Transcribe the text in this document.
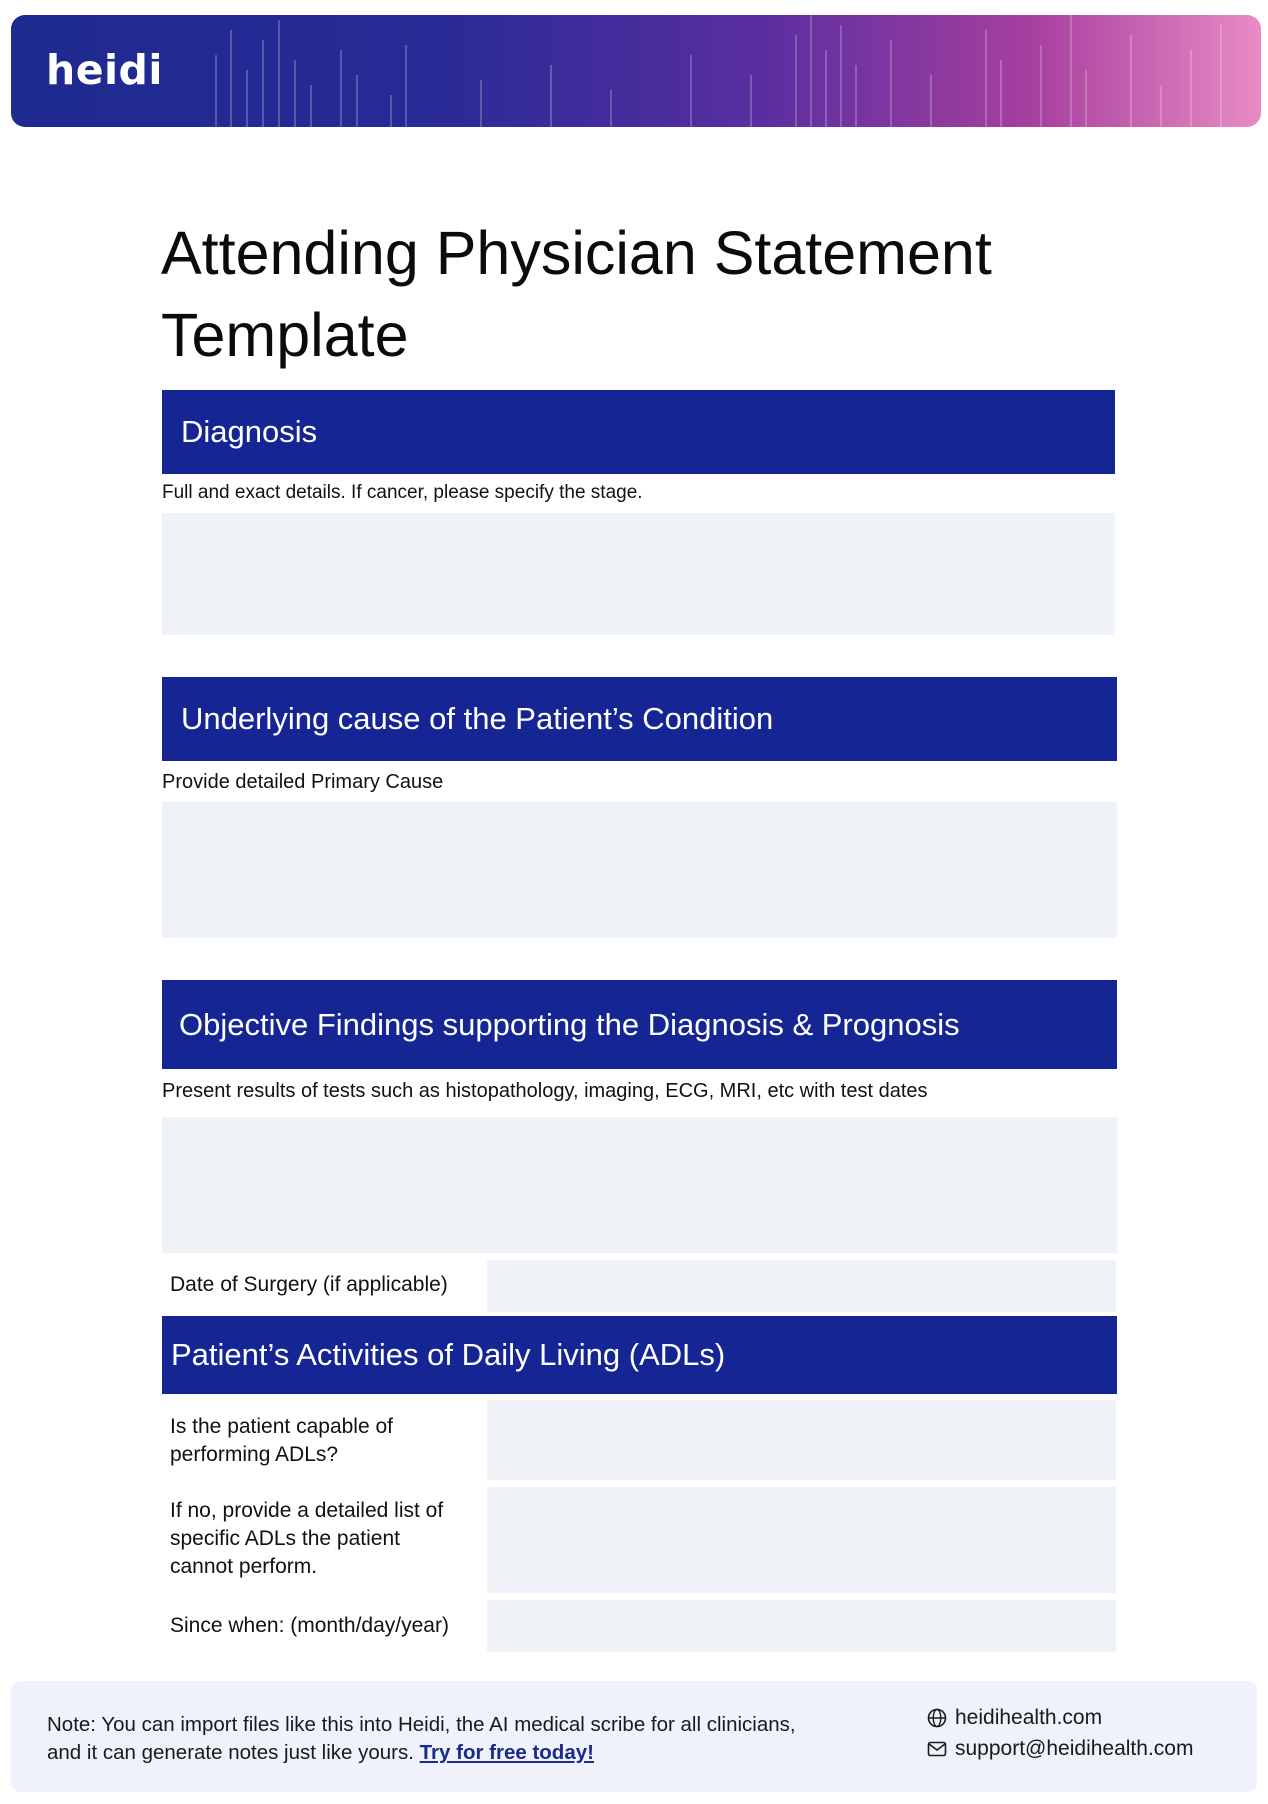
heidi
Attending Physician Statement Template
Diagnosis
Full and exact details. If cancer, please specify the stage.
Underlying cause of the Patient’s Condition
Provide detailed Primary Cause
Objective Findings supporting the Diagnosis & Prognosis
Present results of tests such as histopathology, imaging, ECG, MRI, etc with test dates
Date of Surgery (if applicable)
Patient’s Activities of Daily Living (ADLs)
Is the patient capable of performing ADLs?
If no, provide a detailed list of specific ADLs the patient cannot perform.
Since when: (month/day/year)
Note: You can import files like this into Heidi, the AI medical scribe for all clinicians, and it can generate notes just like yours. Try for free today!
heidihealth.com
support@heidihealth.com
